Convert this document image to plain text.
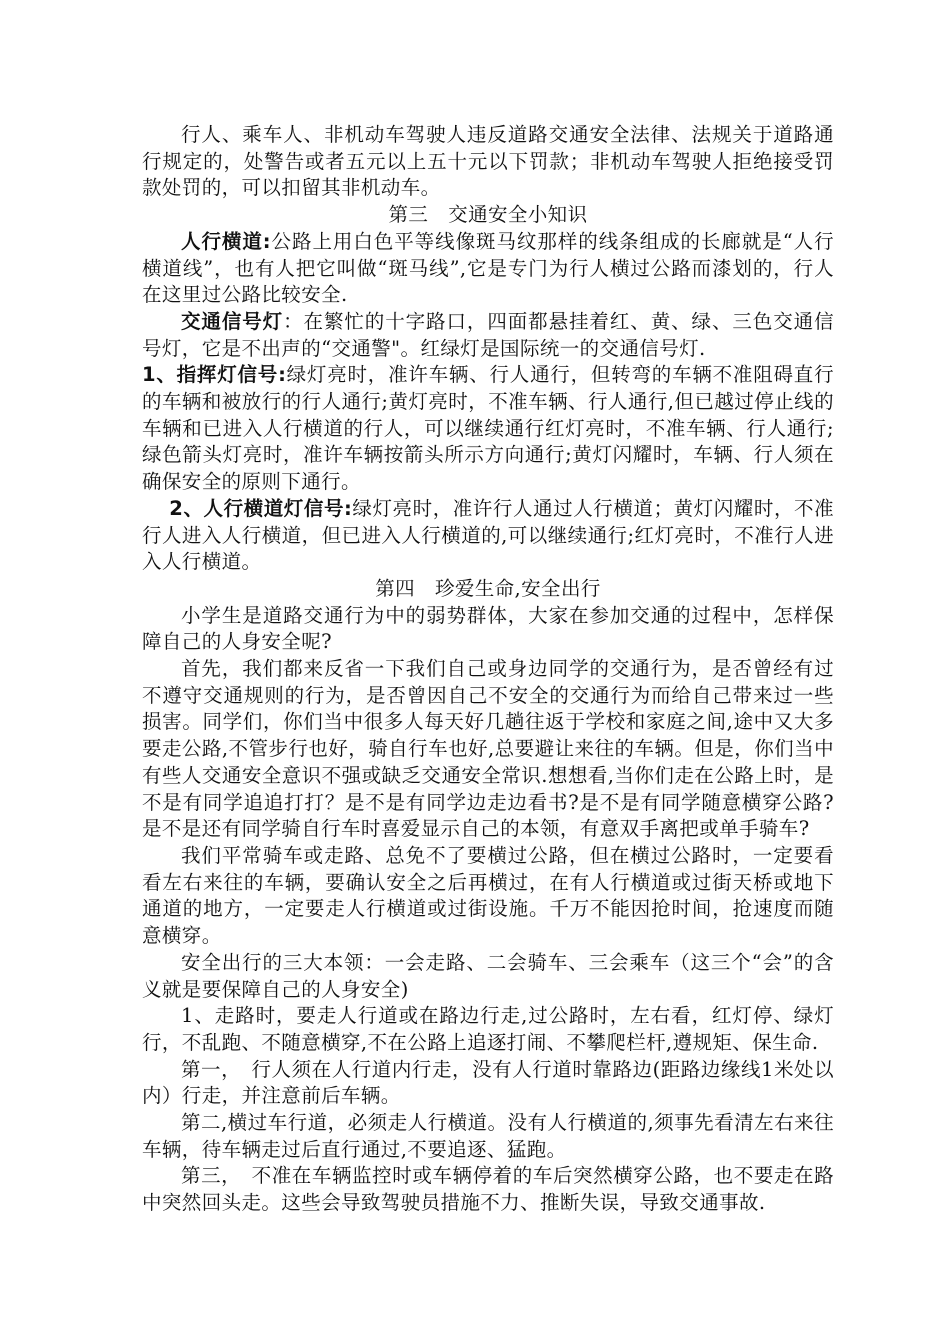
行人、乘车人、非机动车驾驶人违反道路交通安全法律、法规关于道路通行规定的，处警告或者五元以上五十元以下罚款；非机动车驾驶人拒绝接受罚款处罚的，可以扣留其非机动车。

第三　交通安全小知识

人行横道:公路上用白色平等线像斑马纹那样的线条组成的长廊就是“人行横道线”，也有人把它叫做“斑马线”,它是专门为行人横过公路而漆划的，行人在这里过公路比较安全.

交通信号灯：在繁忙的十字路口，四面都悬挂着红、黄、绿、三色交通信号灯，它是不出声的“交通警"。红绿灯是国际统一的交通信号灯.

1、指挥灯信号:绿灯亮时，准许车辆、行人通行，但转弯的车辆不准阻碍直行的车辆和被放行的行人通行;黄灯亮时，不准车辆、行人通行,但已越过停止线的车辆和已进入人行横道的行人，可以继续通行红灯亮时，不准车辆、行人通行;绿色箭头灯亮时，准许车辆按箭头所示方向通行;黄灯闪耀时，车辆、行人须在确保安全的原则下通行。

2、人行横道灯信号:绿灯亮时，准许行人通过人行横道；黄灯闪耀时，不准行人进入人行横道，但已进入人行横道的,可以继续通行;红灯亮时，不准行人进入人行横道。

第四　珍爱生命,安全出行

小学生是道路交通行为中的弱势群体，大家在参加交通的过程中，怎样保障自己的人身安全呢?

首先，我们都来反省一下我们自己或身边同学的交通行为，是否曾经有过不遵守交通规则的行为，是否曾因自己不安全的交通行为而给自己带来过一些损害。同学们，你们当中很多人每天好几趟往返于学校和家庭之间,途中又大多要走公路,不管步行也好，骑自行车也好,总要避让来往的车辆。但是，你们当中有些人交通安全意识不强或缺乏交通安全常识.想想看,当你们走在公路上时，是不是有同学追追打打？是不是有同学边走边看书?是不是有同学随意横穿公路?是不是还有同学骑自行车时喜爱显示自己的本领，有意双手离把或单手骑车?

我们平常骑车或走路、总免不了要横过公路，但在横过公路时，一定要看看左右来往的车辆，要确认安全之后再横过，在有人行横道或过街天桥或地下通道的地方，一定要走人行横道或过街设施。千万不能因抢时间，抢速度而随意横穿。

安全出行的三大本领：一会走路、二会骑车、三会乘车（这三个“会”的含义就是要保障自己的人身安全)

1、走路时，要走人行道或在路边行走,过公路时，左右看，红灯停、绿灯行，不乱跑、不随意横穿,不在公路上追逐打闹、不攀爬栏杆,遵规矩、保生命.

第一，　行人须在人行道内行走，没有人行道时靠路边(距路边缘线1米处以内）行走，并注意前后车辆。

第二,横过车行道，必须走人行横道。没有人行横道的,须事先看清左右来往车辆，待车辆走过后直行通过,不要追逐、猛跑。

第三，　不准在车辆监控时或车辆停着的车后突然横穿公路，也不要走在路中突然回头走。这些会导致驾驶员措施不力、推断失误，导致交通事故.
